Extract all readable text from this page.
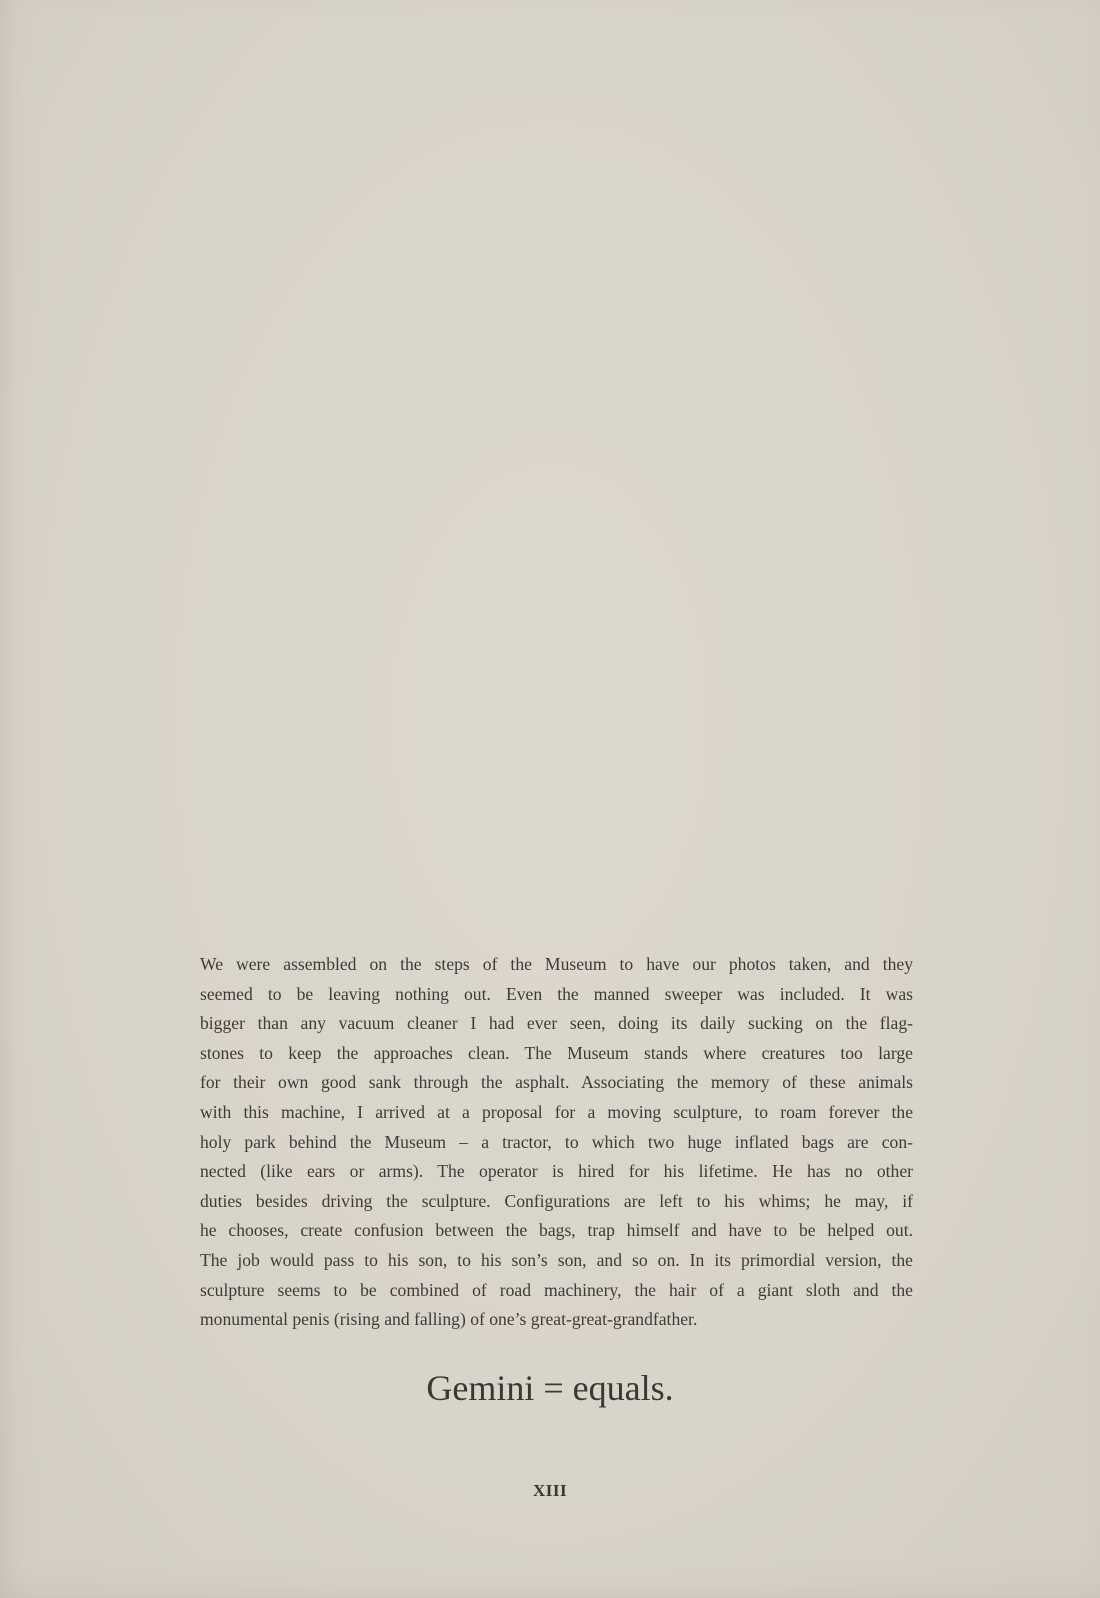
We were assembled on the steps of the Museum to have our photos taken, and they
seemed to be leaving nothing out. Even the manned sweeper was included. It was
bigger than any vacuum cleaner I had ever seen, doing its daily sucking on the flag-
stones to keep the approaches clean. The Museum stands where creatures too large
for their own good sank through the asphalt. Associating the memory of these animals
with this machine, I arrived at a proposal for a moving sculpture, to roam forever the
holy park behind the Museum – a tractor, to which two huge inflated bags are con-
nected (like ears or arms). The operator is hired for his lifetime. He has no other
duties besides driving the sculpture. Configurations are left to his whims; he may, if
he chooses, create confusion between the bags, trap himself and have to be helped out.
The job would pass to his son, to his son’s son, and so on. In its primordial version, the
sculpture seems to be combined of road machinery, the hair of a giant sloth and the
monumental penis (rising and falling) of one’s great-great-grandfather.
Gemini = equals.
XIII
